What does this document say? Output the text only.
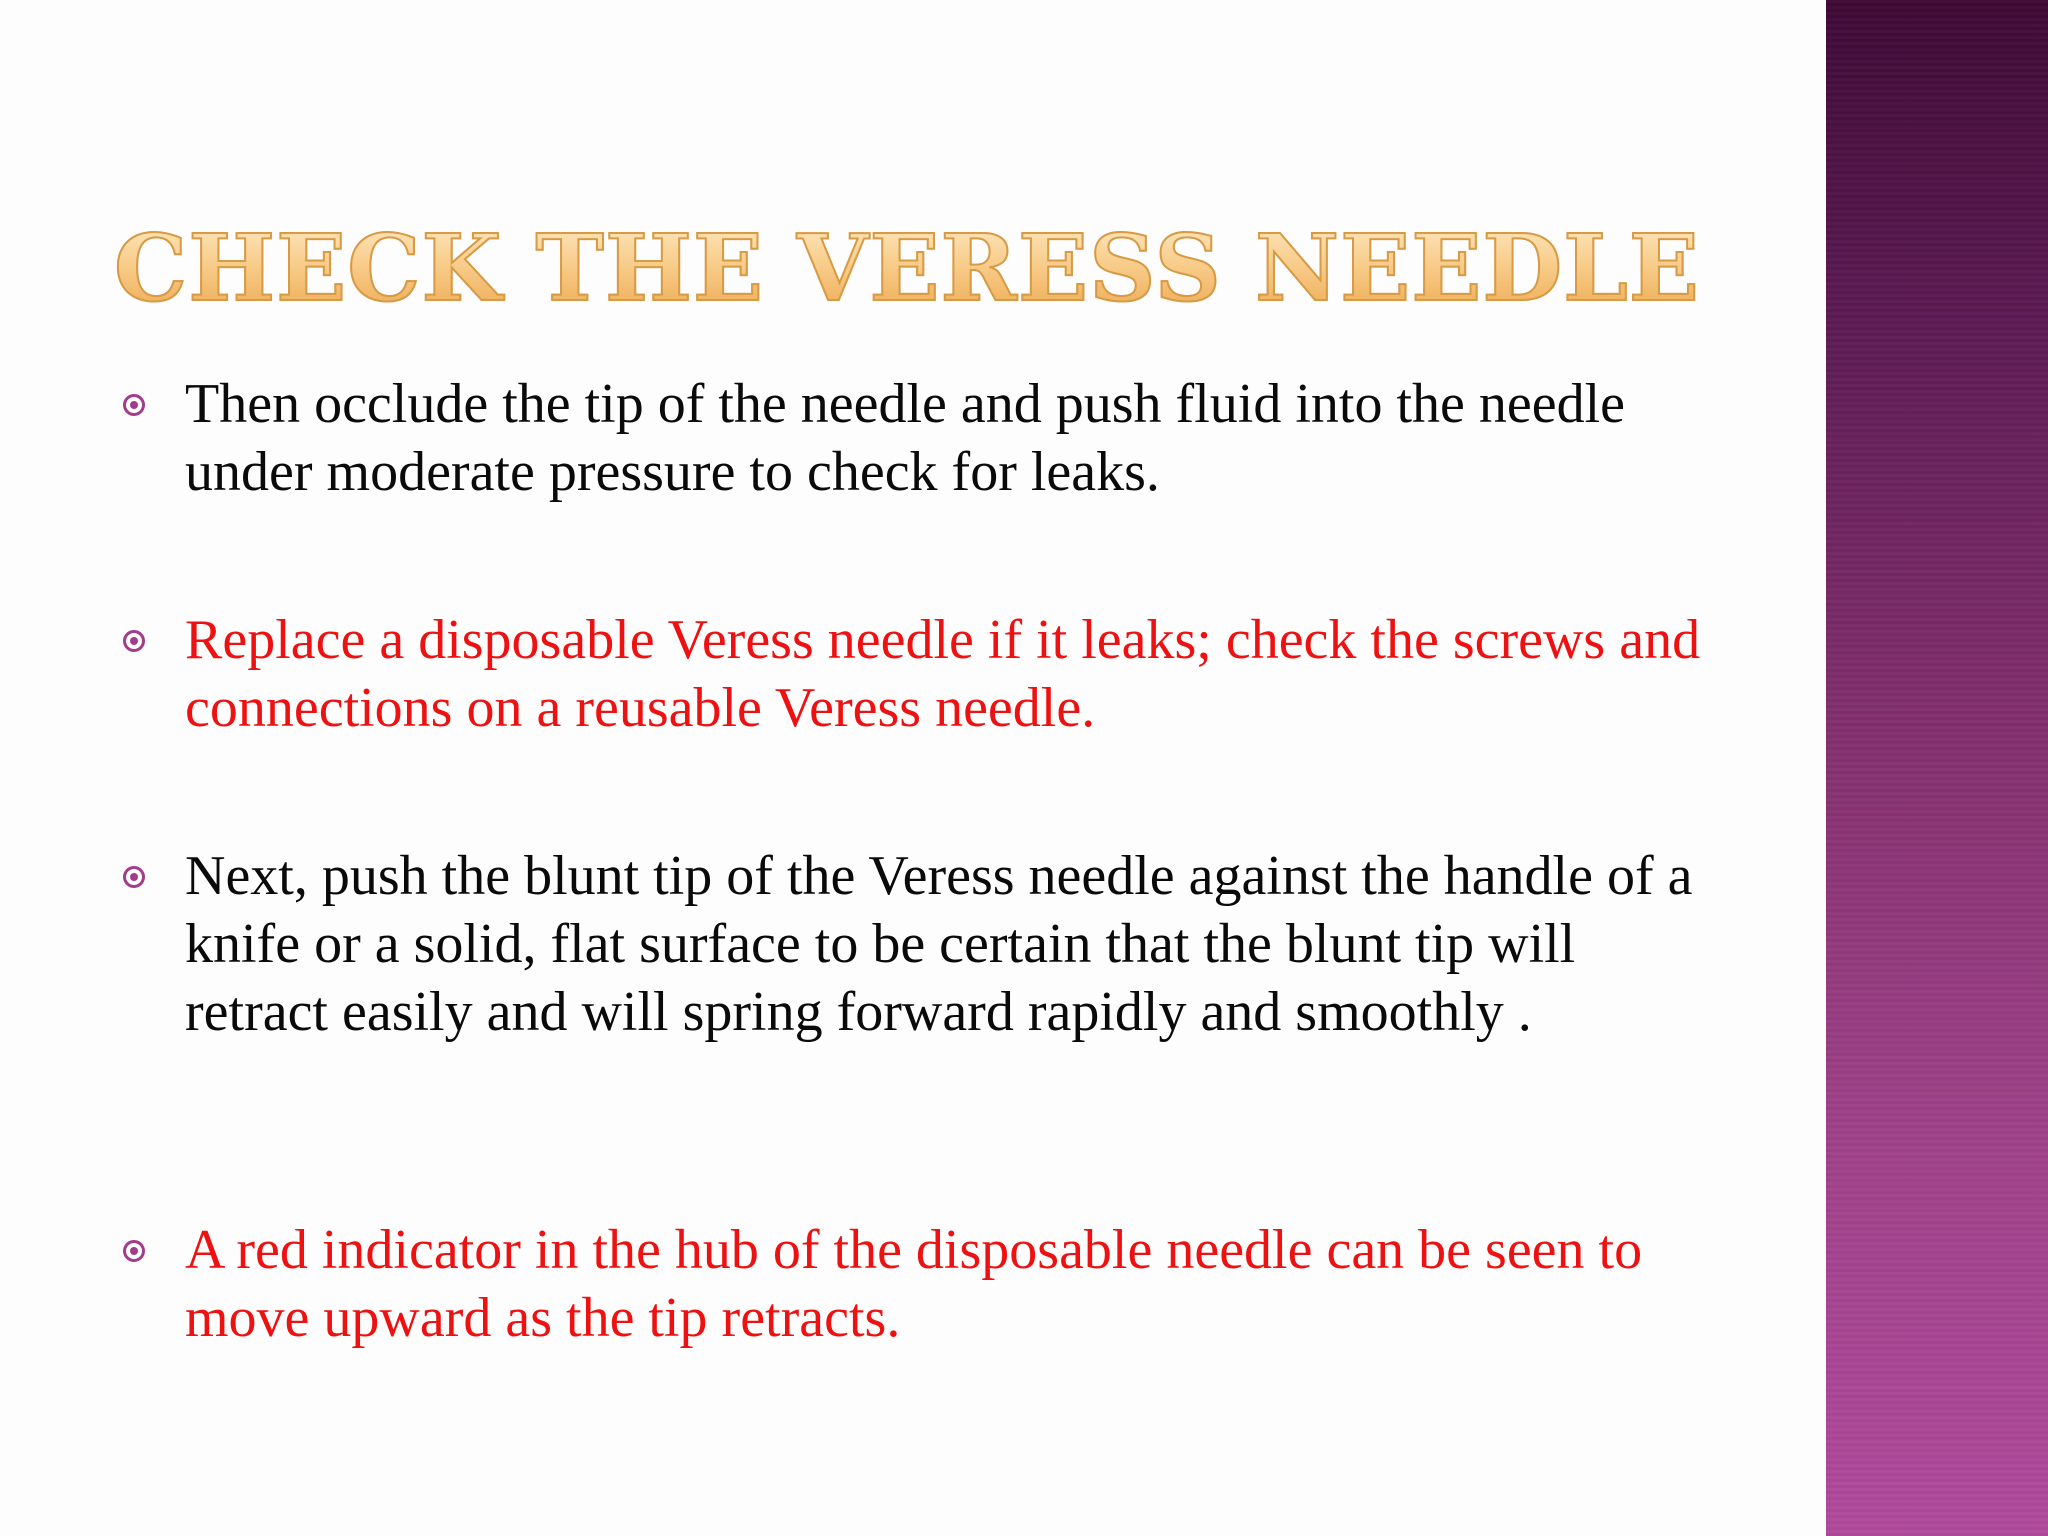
CHECK THE VERESS NEEDLE
Then occlude the tip of the needle and push fluid into the needle under moderate pressure to check for leaks.
Replace a disposable Veress needle if it leaks; check the screws and connections on a reusable Veress needle.
Next, push the blunt tip of the Veress needle against the handle of a knife or a solid, flat surface to be certain that the blunt tip will retract easily and will spring forward rapidly and smoothly .
A red indicator in the hub of the disposable needle can be seen to move upward as the tip retracts.
